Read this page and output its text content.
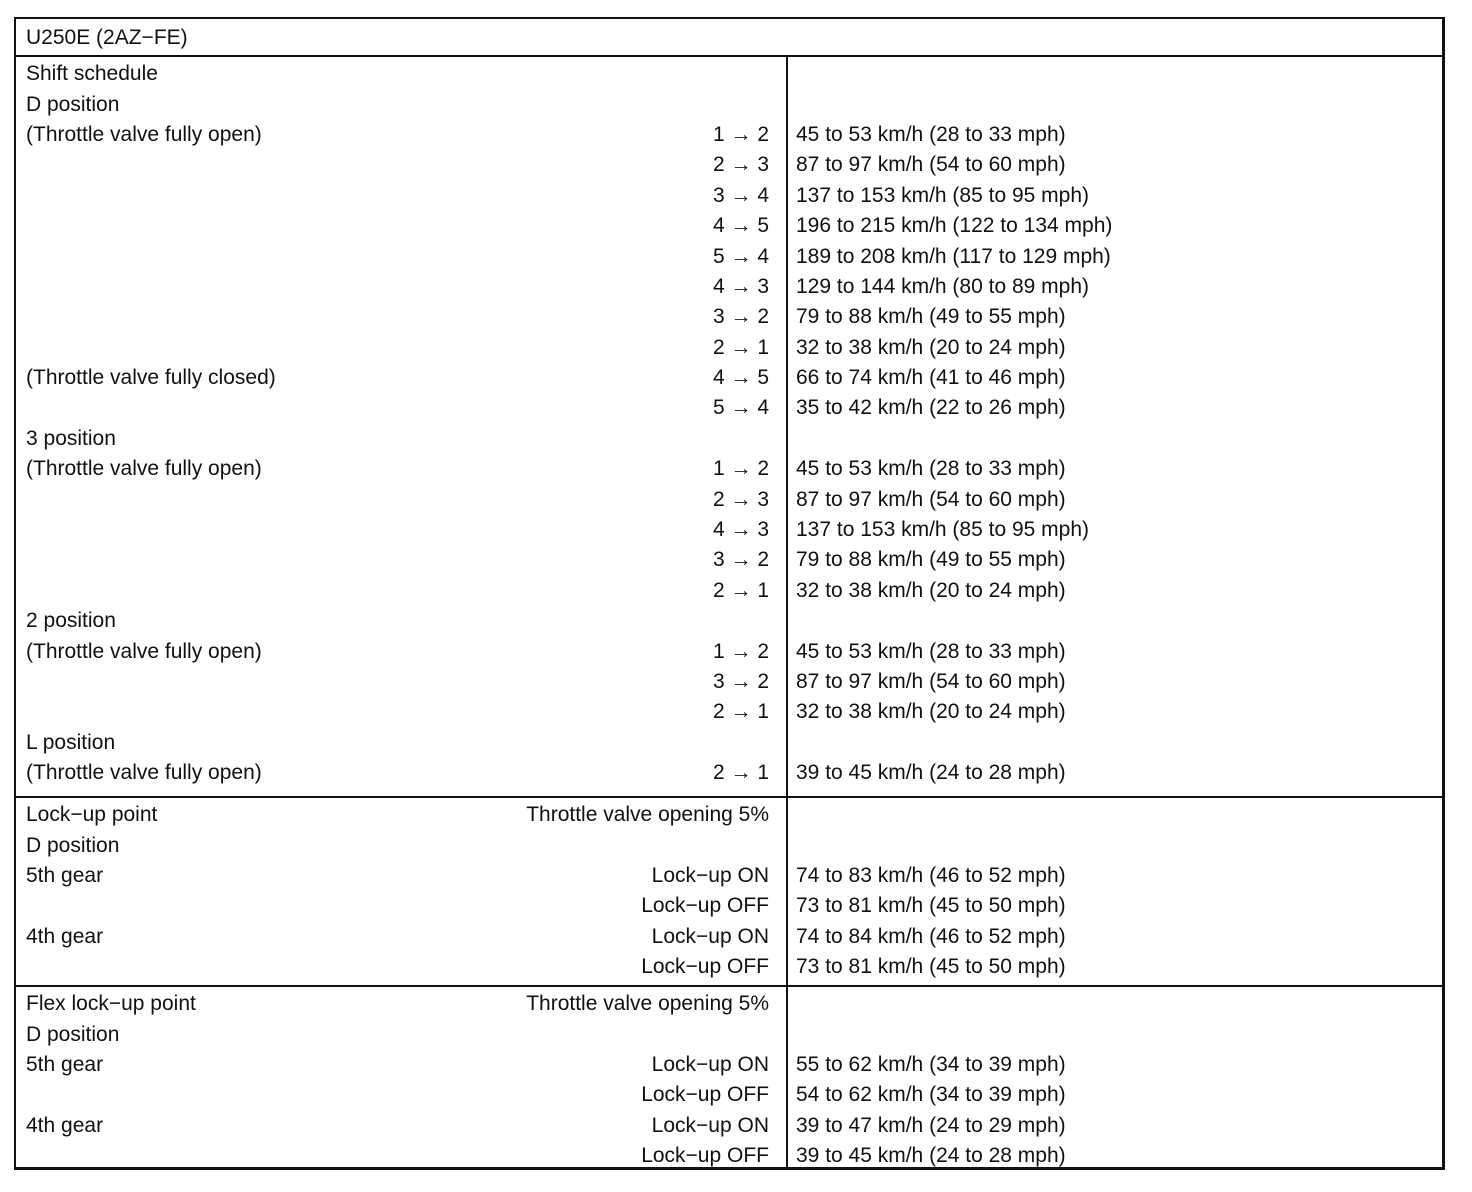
U250E (2AZ−FE)
Shift schedule
D position
(Throttle valve fully open)	1 → 2 45 to 53 km/h (28 to 33 mph)
2 → 3 87 to 97 km/h (54 to 60 mph)
3 → 4 137 to 153 km/h (85 to 95 mph)
4 → 5 196 to 215 km/h (122 to 134 mph)
5 → 4 189 to 208 km/h (117 to 129 mph)
4 → 3 129 to 144 km/h (80 to 89 mph)
3 → 2 79 to 88 km/h (49 to 55 mph)
2 → 1 32 to 38 km/h (20 to 24 mph)
(Throttle valve fully closed)	4 → 5 66 to 74 km/h (41 to 46 mph)
5 → 4 35 to 42 km/h (22 to 26 mph)
3 position
(Throttle valve fully open)	1 → 2 45 to 53 km/h (28 to 33 mph)
2 → 3 87 to 97 km/h (54 to 60 mph)
4 → 3 137 to 153 km/h (85 to 95 mph)
3 → 2 79 to 88 km/h (49 to 55 mph)
2 → 1 32 to 38 km/h (20 to 24 mph)
2 position
(Throttle valve fully open)	1 → 2 45 to 53 km/h (28 to 33 mph)
3 → 2 87 to 97 km/h (54 to 60 mph)
2 → 1 32 to 38 km/h (20 to 24 mph)
L position
(Throttle valve fully open)	2 → 1 39 to 45 km/h (24 to 28 mph)
Lock−up point	Throttle valve opening 5%
D position
5th gear	Lock−up ON 74 to 83 km/h (46 to 52 mph)
Lock−up OFF 73 to 81 km/h (45 to 50 mph)
4th gear	Lock−up ON 74 to 84 km/h (46 to 52 mph)
Lock−up OFF 73 to 81 km/h (45 to 50 mph)
Flex lock−up point	Throttle valve opening 5%
D position
5th gear	Lock−up ON 55 to 62 km/h (34 to 39 mph)
Lock−up OFF 54 to 62 km/h (34 to 39 mph)
4th gear	Lock−up ON 39 to 47 km/h (24 to 29 mph)
Lock−up OFF 39 to 45 km/h (24 to 28 mph)
